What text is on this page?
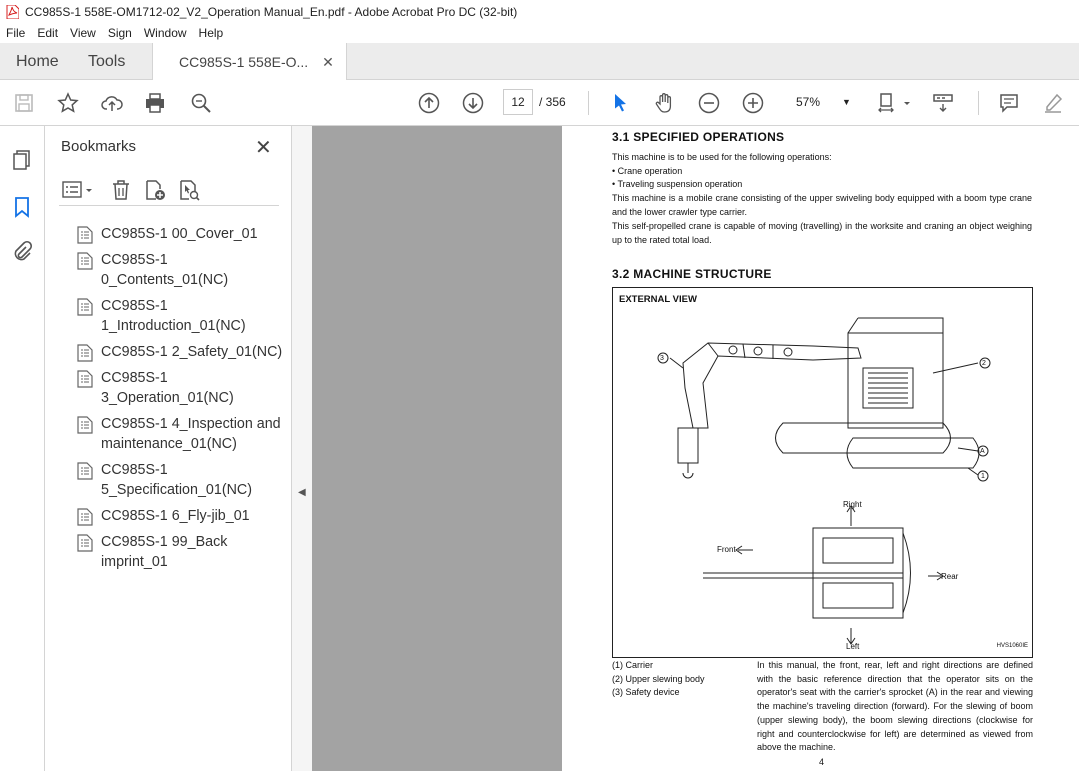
CC985S-1 558E-OM1712-02_V2_Operation Manual_En.pdf - Adobe Acrobat Pro DC (32-bit)
File	Edit	View	Sign	Window	Help
Home Tools	CC985S-1 558E-O... ✕
12	/ 356	57% ▼
Bookmarks	✕
CC985S-1 00_Cover_01
CC985S-1 0_Contents_01(NC)
CC985S-1 1_Introduction_01(NC)
CC985S-1 2_Safety_01(NC)
CC985S-1 3_Operation_01(NC)
CC985S-1 4_Inspection and maintenance_01(NC)
CC985S-1 5_Specification_01(NC)
CC985S-1 6_Fly-jib_01
CC985S-1 99_Back imprint_01
◀
3.1 SPECIFIED OPERATIONS
This machine is to be used for the following operations:
• Crane operation
• Traveling suspension operation
This machine is a mobile crane consisting of the upper swiveling body equipped with a boom type crane and the lower crawler type carrier.
This self-propelled crane is capable of moving (travelling) in the worksite and craning an object weighing up to the rated total load.
3.2 MACHINE STRUCTURE
EXTERNAL VIEW
3
2
A
1
Right
Left
Front
Rear
HVS1060IE
(1) Carrier
(2) Upper slewing body
(3) Safety device
In this manual, the front, rear, left and right directions are defined with the basic reference direction that the operator sits on the operator's seat with the carrier's sprocket (A) in the rear and viewing the machine's traveling direction (forward). For the slewing of boom (upper slewing body), the boom slewing directions (clockwise for right and counterclockwise for left) are determined as viewed from above the machine.
4
